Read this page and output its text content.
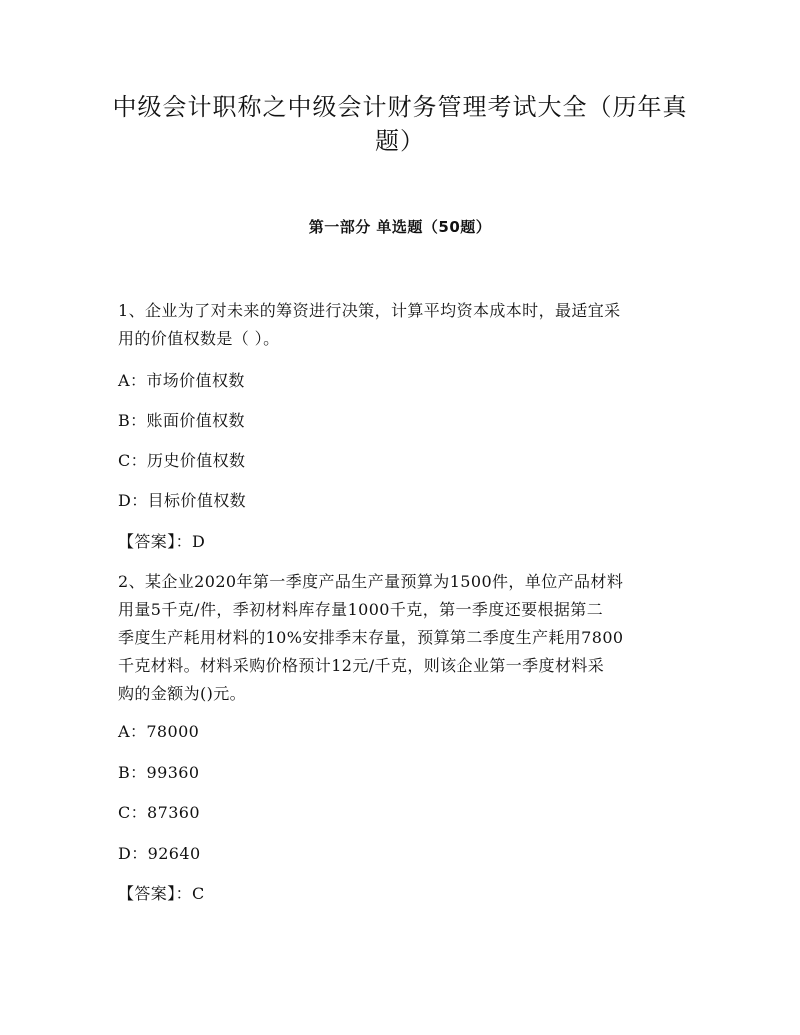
中级会计职称之中级会计财务管理考试大全（历年真题）
第一部分 单选题（50题）

1、企业为了对未来的筹资进行决策，计算平均资本成本时，最适宜采

用的价值权数是（ ）。

A：市场价值权数

B：账面价值权数

C：历史价值权数

D：目标价值权数

【答案】：D

2、某企业2020年第一季度产品生产量预算为1500件，单位产品材料

用量5千克/件，季初材料库存量1000千克，第一季度还要根据第二

季度生产耗用材料的10%安排季末存量，预算第二季度生产耗用7800

千克材料。材料采购价格预计12元/千克，则该企业第一季度材料采

购的金额为()元。

A：78000

B：99360

C：87360

D：92640

【答案】：C
